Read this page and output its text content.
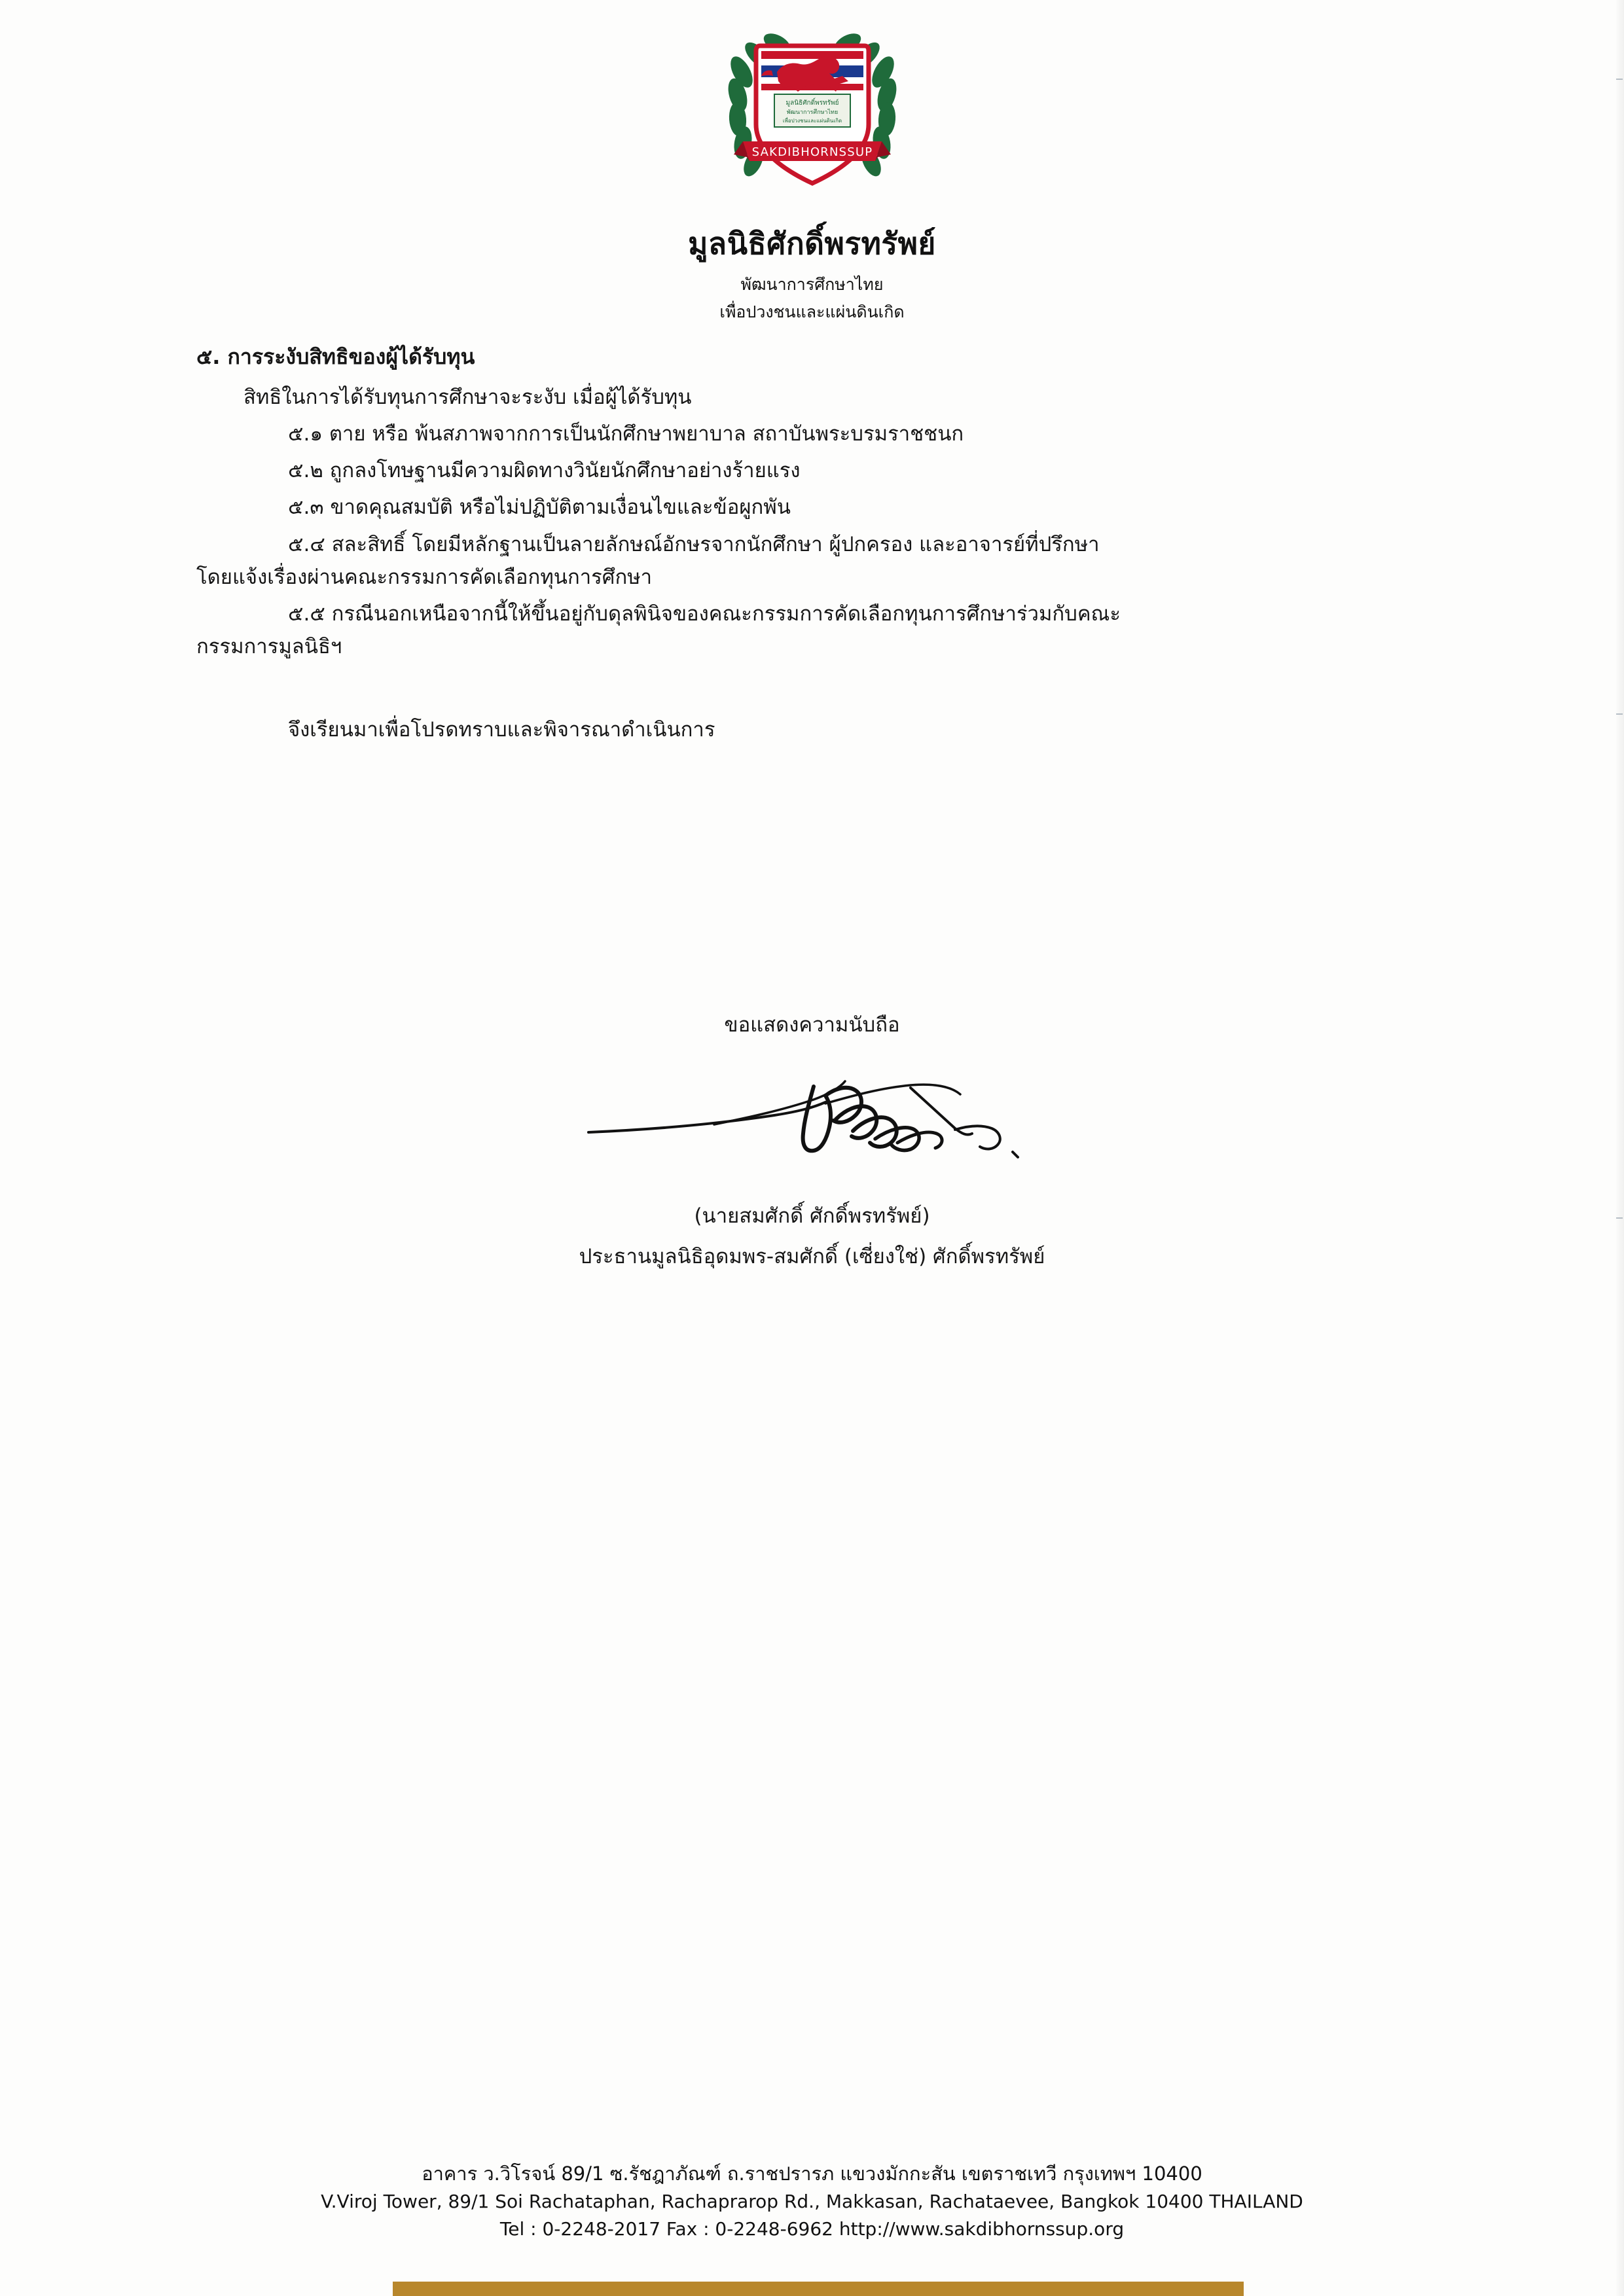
มูลนิธิศักดิ์พรทรัพย์
พัฒนาการศึกษาไทย
เพื่อปวงชนและแผ่นดินเกิด
SAKDIBHORNSSUP
มูลนิธิศักดิ์พรทรัพย์
พัฒนาการศึกษาไทย
เพื่อปวงชนและแผ่นดินเกิด
๕. การระงับสิทธิของผู้ได้รับทุน
สิทธิในการได้รับทุนการศึกษาจะระงับ เมื่อผู้ได้รับทุน
๕.๑ ตาย หรือ พ้นสภาพจากการเป็นนักศึกษาพยาบาล สถาบันพระบรมราชชนก
๕.๒ ถูกลงโทษฐานมีความผิดทางวินัยนักศึกษาอย่างร้ายแรง
๕.๓ ขาดคุณสมบัติ หรือไม่ปฏิบัติตามเงื่อนไขและข้อผูกพัน
๕.๔ สละสิทธิ์ โดยมีหลักฐานเป็นลายลักษณ์อักษรจากนักศึกษา ผู้ปกครอง และอาจารย์ที่ปรึกษา
โดยแจ้งเรื่องผ่านคณะกรรมการคัดเลือกทุนการศึกษา
๕.๕ กรณีนอกเหนือจากนี้ให้ขึ้นอยู่กับดุลพินิจของคณะกรรมการคัดเลือกทุนการศึกษาร่วมกับคณะ
กรรมการมูลนิธิฯ
จึงเรียนมาเพื่อโปรดทราบและพิจารณาดำเนินการ
ขอแสดงความนับถือ
(นายสมศักดิ์ ศักดิ์พรทรัพย์)
ประธานมูลนิธิอุดมพร-สมศักดิ์ (เซี่ยงใช่) ศักดิ์พรทรัพย์
อาคาร ว.วิโรจน์ 89/1 ซ.รัชฎาภัณฑ์ ถ.ราชปรารภ แขวงมักกะสัน เขตราชเทวี กรุงเทพฯ 10400
V.Viroj Tower, 89/1 Soi Rachataphan, Rachaprarop Rd., Makkasan, Rachataevee, Bangkok 10400 THAILAND
Tel : 0-2248-2017 Fax : 0-2248-6962 http://www.sakdibhornssup.org
